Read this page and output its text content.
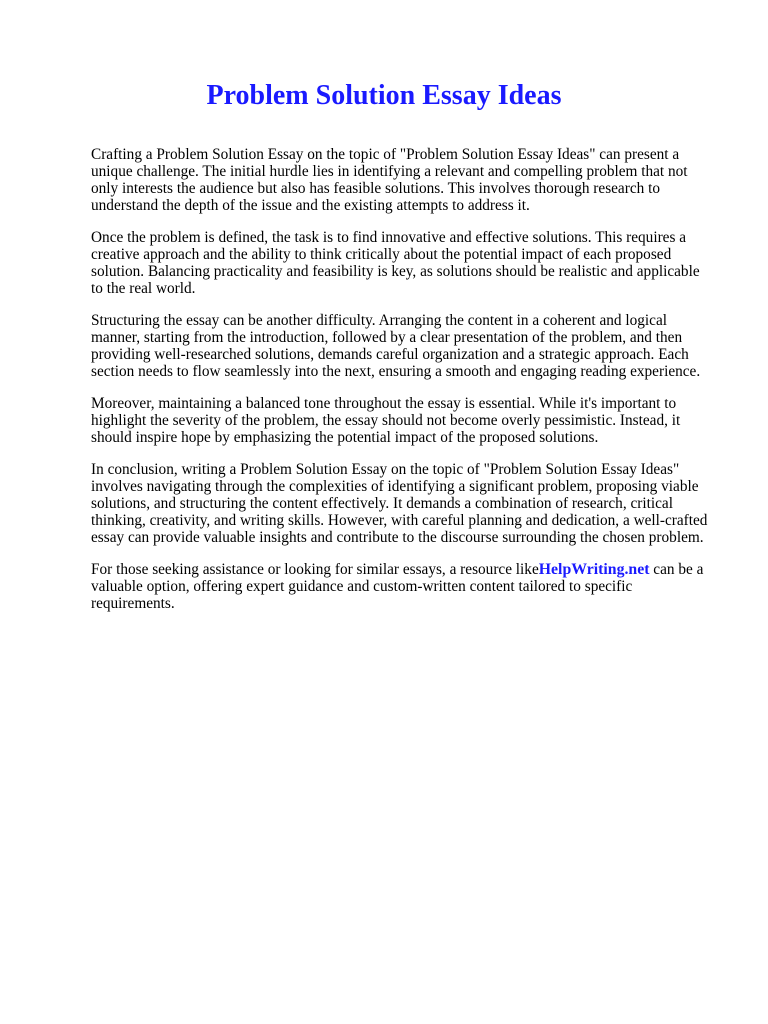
Problem Solution Essay Ideas

Crafting a Problem Solution Essay on the topic of "Problem Solution Essay Ideas" can present a
unique challenge. The initial hurdle lies in identifying a relevant and compelling problem that not
only interests the audience but also has feasible solutions. This involves thorough research to
understand the depth of the issue and the existing attempts to address it.

Once the problem is defined, the task is to find innovative and effective solutions. This requires a
creative approach and the ability to think critically about the potential impact of each proposed
solution. Balancing practicality and feasibility is key, as solutions should be realistic and applicable
to the real world.

Structuring the essay can be another difficulty. Arranging the content in a coherent and logical
manner, starting from the introduction, followed by a clear presentation of the problem, and then
providing well-researched solutions, demands careful organization and a strategic approach. Each
section needs to flow seamlessly into the next, ensuring a smooth and engaging reading experience.

Moreover, maintaining a balanced tone throughout the essay is essential. While it's important to
highlight the severity of the problem, the essay should not become overly pessimistic. Instead, it
should inspire hope by emphasizing the potential impact of the proposed solutions.

In conclusion, writing a Problem Solution Essay on the topic of "Problem Solution Essay Ideas"
involves navigating through the complexities of identifying a significant problem, proposing viable
solutions, and structuring the content effectively. It demands a combination of research, critical
thinking, creativity, and writing skills. However, with careful planning and dedication, a well-crafted
essay can provide valuable insights and contribute to the discourse surrounding the chosen problem.

For those seeking assistance or looking for similar essays, a resource likeHelpWriting.net can be a
valuable option, offering expert guidance and custom-written content tailored to specific
requirements.
